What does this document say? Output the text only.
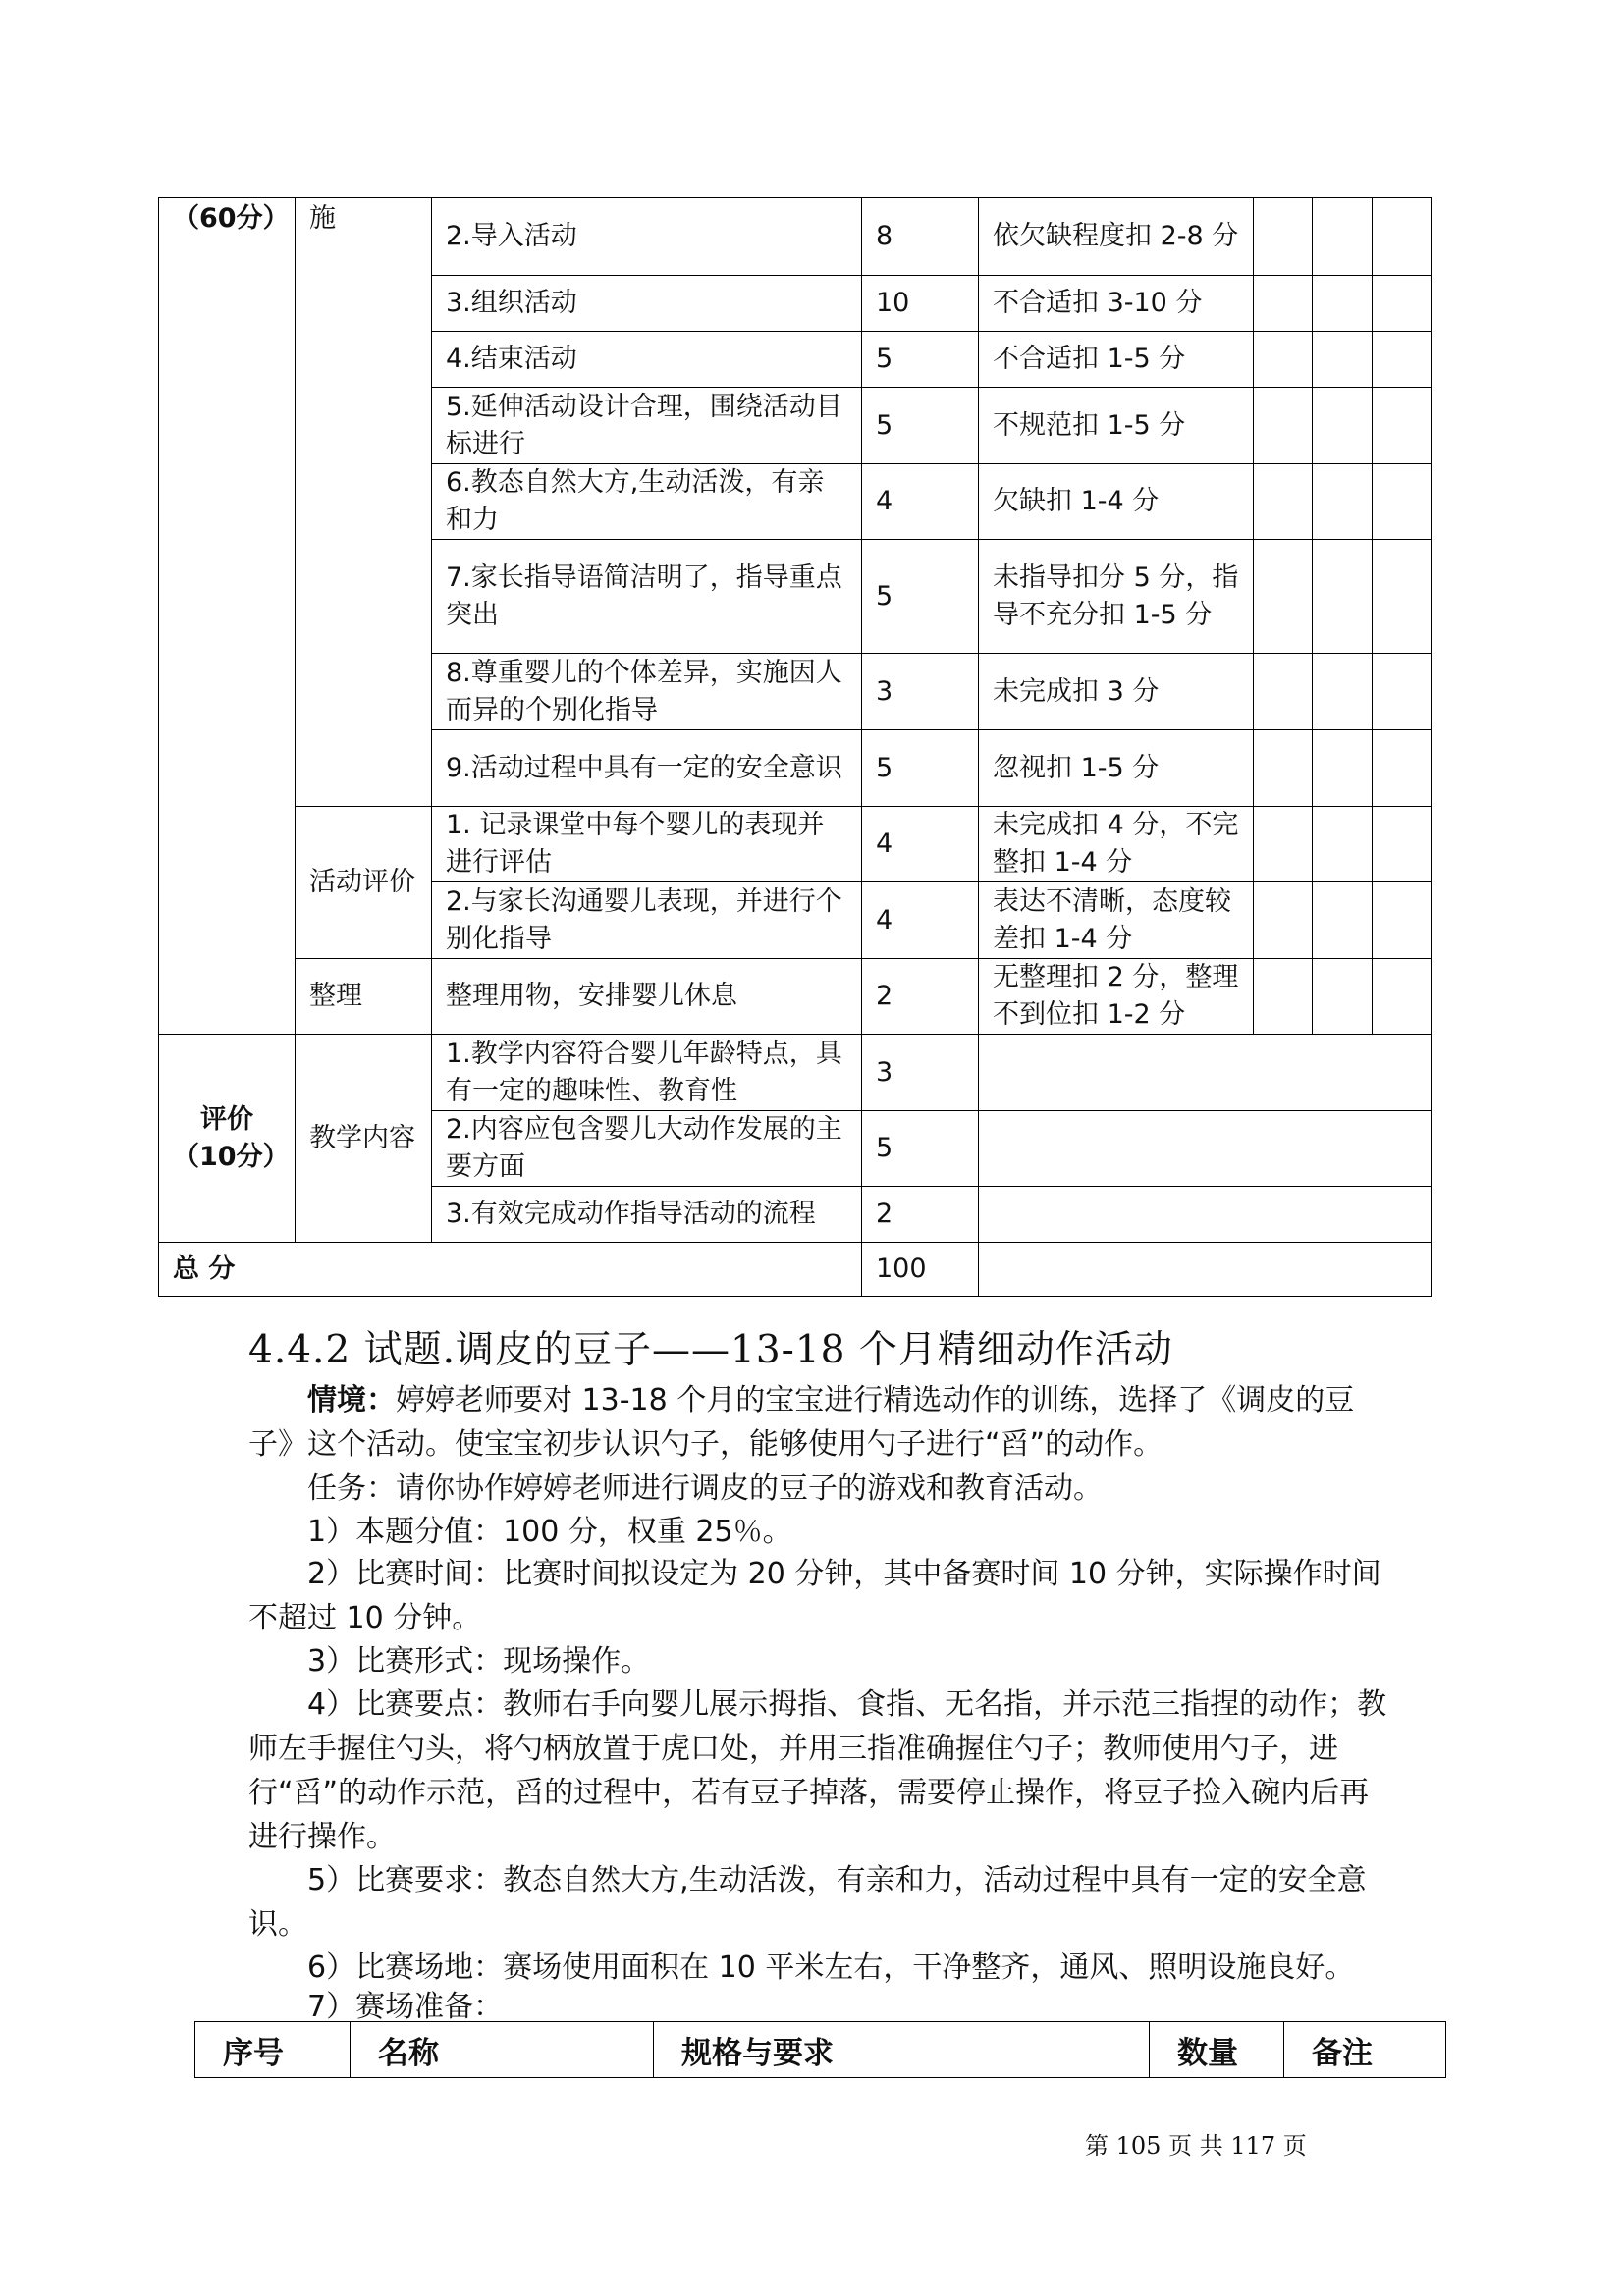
（60分）	施	2.导入活动	8	依欠缺程度扣 2-8 分			
		3.组织活动	10	不合适扣 3-10 分			
		4.结束活动	5	不合适扣 1-5 分			
		5.延伸活动设计合理，围绕活动目标进行	5	不规范扣 1-5 分			
		6.教态自然大方,生动活泼，有亲和力	4	欠缺扣 1-4 分			
		7.家长指导语简洁明了，指导重点突出	5	未指导扣分 5 分，指导不充分扣 1-5 分			
		8.尊重婴儿的个体差异，实施因人而异的个别化指导	3	未完成扣 3 分			
		9.活动过程中具有一定的安全意识	5	忽视扣 1-5 分			
	活动评价	1. 记录课堂中每个婴儿的表现并进行评估	4	未完成扣 4 分，不完整扣 1-4 分			
		2.与家长沟通婴儿表现，并进行个别化指导	4	表达不清晰，态度较差扣 1-4 分			
	整理	整理用物，安排婴儿休息	2	无整理扣 2 分，整理不到位扣 1-2 分			

评价
（10分）	教学内容	1.教学内容符合婴儿年龄特点，具有一定的趣味性、教育性	3				
		2.内容应包含婴儿大动作发展的主要方面	5				
		3.有效完成动作指导活动的流程	2				
总 分			100				
4.4.2 试题.调皮的豆子——13-18 个月精细动作活动
情境：婷婷老师要对 13-18 个月的宝宝进行精选动作的训练，选择了《调皮的豆子》这个活动。使宝宝初步认识勺子，能够使用勺子进行“舀”的动作。
任务：请你协作婷婷老师进行调皮的豆子的游戏和教育活动。
1）本题分值：100 分，权重 25％。
2）比赛时间：比赛时间拟设定为 20 分钟，其中备赛时间 10 分钟，实际操作时间不超过 10 分钟。
3）比赛形式：现场操作。
4）比赛要点：教师右手向婴儿展示拇指、食指、无名指，并示范三指捏的动作；教师左手握住勺头，将勺柄放置于虎口处，并用三指准确握住勺子；教师使用勺子，进行“舀”的动作示范，舀的过程中，若有豆子掉落，需要停止操作，将豆子捡入碗内后再进行操作。
5）比赛要求：教态自然大方,生动活泼，有亲和力，活动过程中具有一定的安全意识。
6）比赛场地：赛场使用面积在 10 平米左右，干净整齐，通风、照明设施良好。
7）赛场准备：
序号	名称	规格与要求	数量	备注
第 105 页 共 117 页
